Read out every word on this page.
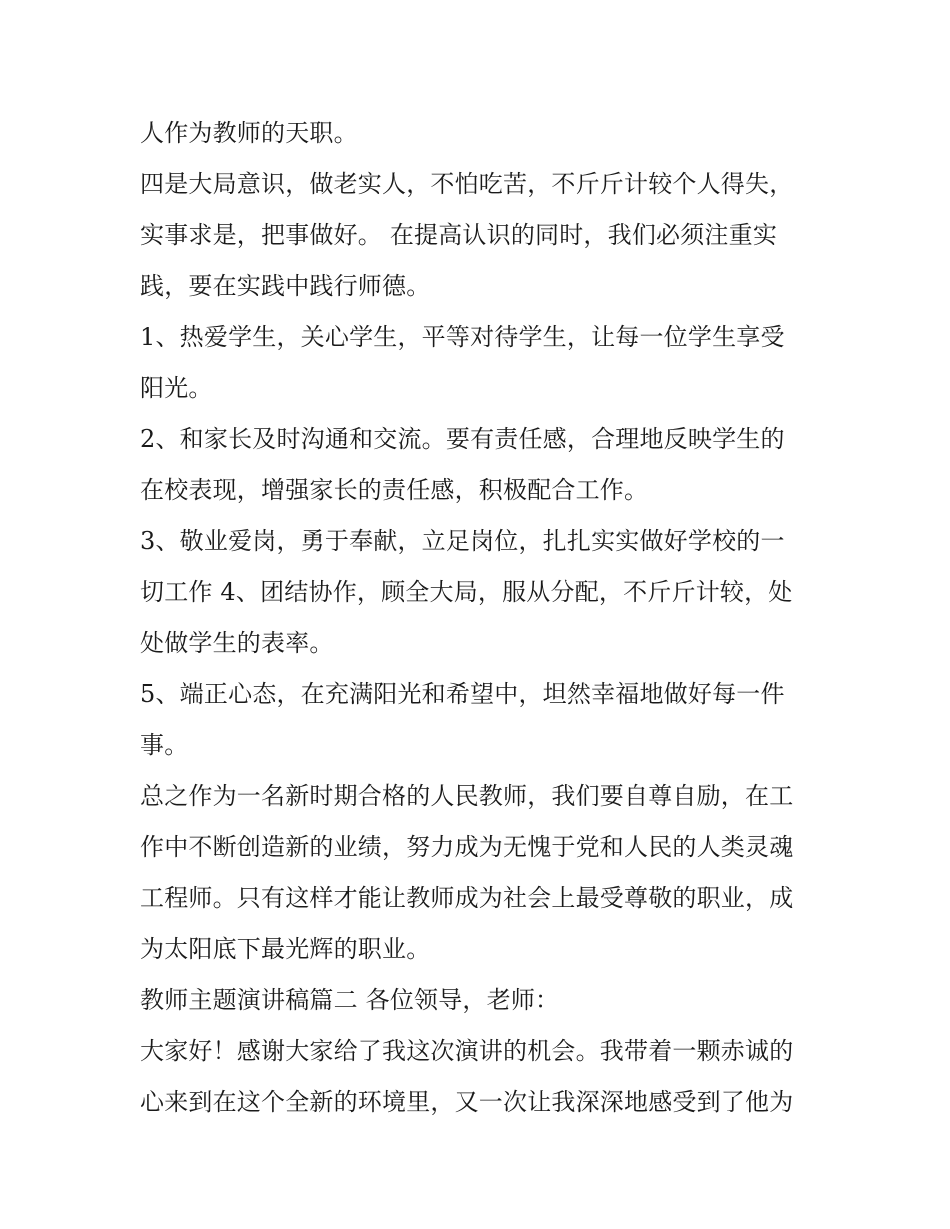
人作为教师的天职。
四是大局意识，做老实人，不怕吃苦，不斤斤计较个人得失，
实事求是，把事做好。 在提高认识的同时，我们必须注重实
践，要在实践中践行师德。
1、热爱学生，关心学生，平等对待学生，让每一位学生享受
阳光。
2、和家长及时沟通和交流。要有责任感，合理地反映学生的
在校表现，增强家长的责任感，积极配合工作。
3、敬业爱岗，勇于奉献，立足岗位，扎扎实实做好学校的一
切工作 4、团结协作，顾全大局，服从分配，不斤斤计较，处
处做学生的表率。
5、端正心态，在充满阳光和希望中，坦然幸福地做好每一件
事。
总之作为一名新时期合格的人民教师，我们要自尊自励，在工
作中不断创造新的业绩，努力成为无愧于党和人民的人类灵魂
工程师。只有这样才能让教师成为社会上最受尊敬的职业，成
为太阳底下最光辉的职业。
教师主题演讲稿篇二 各位领导，老师：
大家好！感谢大家给了我这次演讲的机会。我带着一颗赤诚的
心来到在这个全新的环境里，又一次让我深深地感受到了他为
